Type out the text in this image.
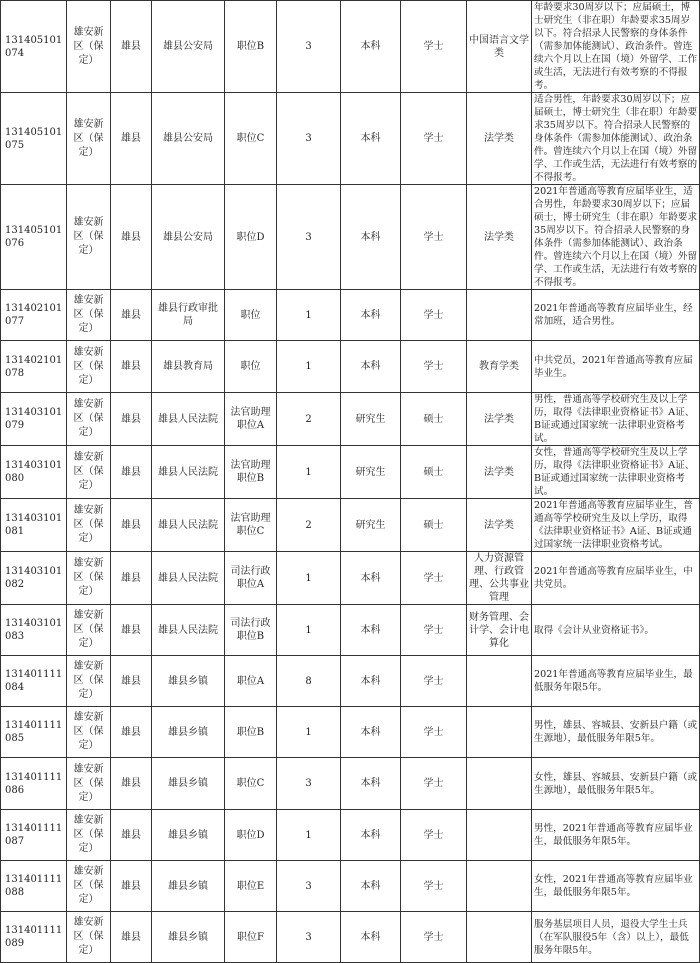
131405101074	雄安新区（保定）	雄县	雄县公安局	职位B	3	本科	学士	中国语言文学类	年龄要求30周岁以下；应届硕士，博士研究生（非在职）年龄要求35周岁以下。符合招录人民警察的身体条件（需参加体能测试）、政治条件。曾连续六个月以上在国（境）外留学、工作或生活，无法进行有效考察的不得报考。
131405101075	雄安新区（保定）	雄县	雄县公安局	职位C	3	本科	学士	法学类	适合男性，年龄要求30周岁以下；应届硕士，博士研究生（非在职）年龄要求35周岁以下。符合招录人民警察的身体条件（需参加体能测试）、政治条件。曾连续六个月以上在国（境）外留学、工作或生活，无法进行有效考察的不得报考。
131405101076	雄安新区（保定）	雄县	雄县公安局	职位D	3	本科	学士	法学类	2021年普通高等教育应届毕业生，适合男性，年龄要求30周岁以下；应届硕士，博士研究生（非在职）年龄要求35周岁以下。符合招录人民警察的身体条件（需参加体能测试）、政治条件。曾连续六个月以上在国（境）外留学、工作或生活，无法进行有效考察的不得报考。
131402101077	雄安新区（保定）	雄县	雄县行政审批局	职位	1	本科	学士		2021年普通高等教育应届毕业生，经常加班，适合男性。
131402101078	雄安新区（保定）	雄县	雄县教育局	职位	1	本科	学士	教育学类	中共党员，2021年普通高等教育应届毕业生。
131403101079	雄安新区（保定）	雄县	雄县人民法院	法官助理职位A	2	研究生	硕士	法学类	男性，普通高等学校研究生及以上学历，取得《法律职业资格证书》A证、B证或通过国家统一法律职业资格考试。
131403101080	雄安新区（保定）	雄县	雄县人民法院	法官助理职位B	1	研究生	硕士	法学类	女性，普通高等学校研究生及以上学历，取得《法律职业资格证书》A证、B证或通过国家统一法律职业资格考试。
131403101081	雄安新区（保定）	雄县	雄县人民法院	法官助理职位C	2	研究生	硕士	法学类	2021年普通高等教育应届毕业生，普通高等学校研究生及以上学历，取得《法律职业资格证书》A证、B证或通过国家统一法律职业资格考试。
131403101082	雄安新区（保定）	雄县	雄县人民法院	司法行政职位A	1	本科	学士	人力资源管理、行政管理、公共事业管理	2021年普通高等教育应届毕业生，中共党员。
131403101083	雄安新区（保定）	雄县	雄县人民法院	司法行政职位B	1	本科	学士	财务管理、会计学、会计电算化	取得《会计从业资格证书》。
131401111084	雄安新区（保定）	雄县	雄县乡镇	职位A	8	本科	学士		2021年普通高等教育应届毕业生，最低服务年限5年。
131401111085	雄安新区（保定）	雄县	雄县乡镇	职位B	1	本科	学士		男性，雄县、容城县、安新县户籍（或生源地），最低服务年限5年。
131401111086	雄安新区（保定）	雄县	雄县乡镇	职位C	3	本科	学士		女性，雄县、容城县、安新县户籍（或生源地），最低服务年限5年。
131401111087	雄安新区（保定）	雄县	雄县乡镇	职位D	1	本科	学士		男性，2021年普通高等教育应届毕业生，最低服务年限5年。
131401111088	雄安新区（保定）	雄县	雄县乡镇	职位E	3	本科	学士		女性，2021年普通高等教育应届毕业生，最低服务年限5年。
131401111089	雄安新区（保定）	雄县	雄县乡镇	职位F	3	本科	学士		服务基层项目人员，退役大学生士兵（在军队服役5年（含）以上），最低服务年限5年。
